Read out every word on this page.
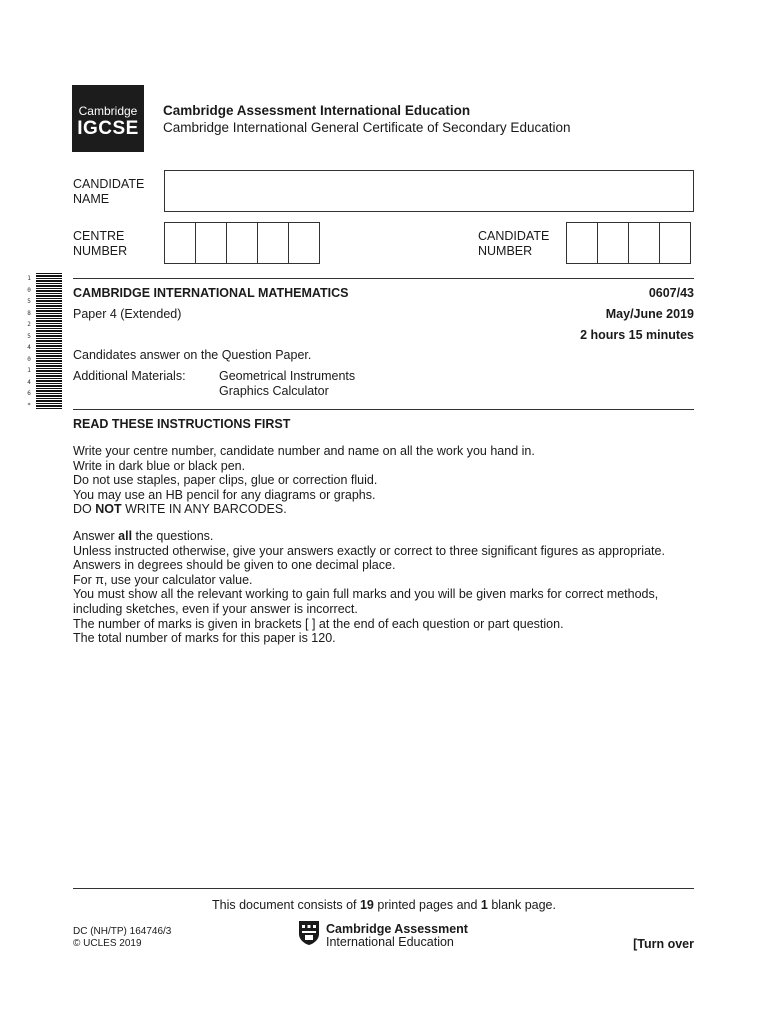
Cambridge
IGCSE
Cambridge Assessment International Education
Cambridge International General Certificate of Secondary Education
CANDIDATE
NAME
CENTRE
NUMBER
CANDIDATE
NUMBER
1 0 5 8 2 5 4 0 1 4 6 *
CAMBRIDGE INTERNATIONAL MATHEMATICS	0607/43
Paper 4 (Extended)	May/June 2019
2 hours 15 minutes
Candidates answer on the Question Paper.
Additional Materials:	Geometrical Instruments
Graphics Calculator
READ THESE INSTRUCTIONS FIRST
Write your centre number, candidate number and name on all the work you hand in.
Write in dark blue or black pen.
Do not use staples, paper clips, glue or correction fluid.
You may use an HB pencil for any diagrams or graphs.
DO NOT WRITE IN ANY BARCODES.
Answer all the questions.
Unless instructed otherwise, give your answers exactly or correct to three significant figures as appropriate.
Answers in degrees should be given to one decimal place.
For π, use your calculator value.
You must show all the relevant working to gain full marks and you will be given marks for correct methods,
including sketches, even if your answer is incorrect.
The number of marks is given in brackets [ ] at the end of each question or part question.
The total number of marks for this paper is 120.
This document consists of 19 printed pages and 1 blank page.
DC (NH/TP) 164746/3
© UCLES 2019
Cambridge Assessment
International Education	[Turn over
